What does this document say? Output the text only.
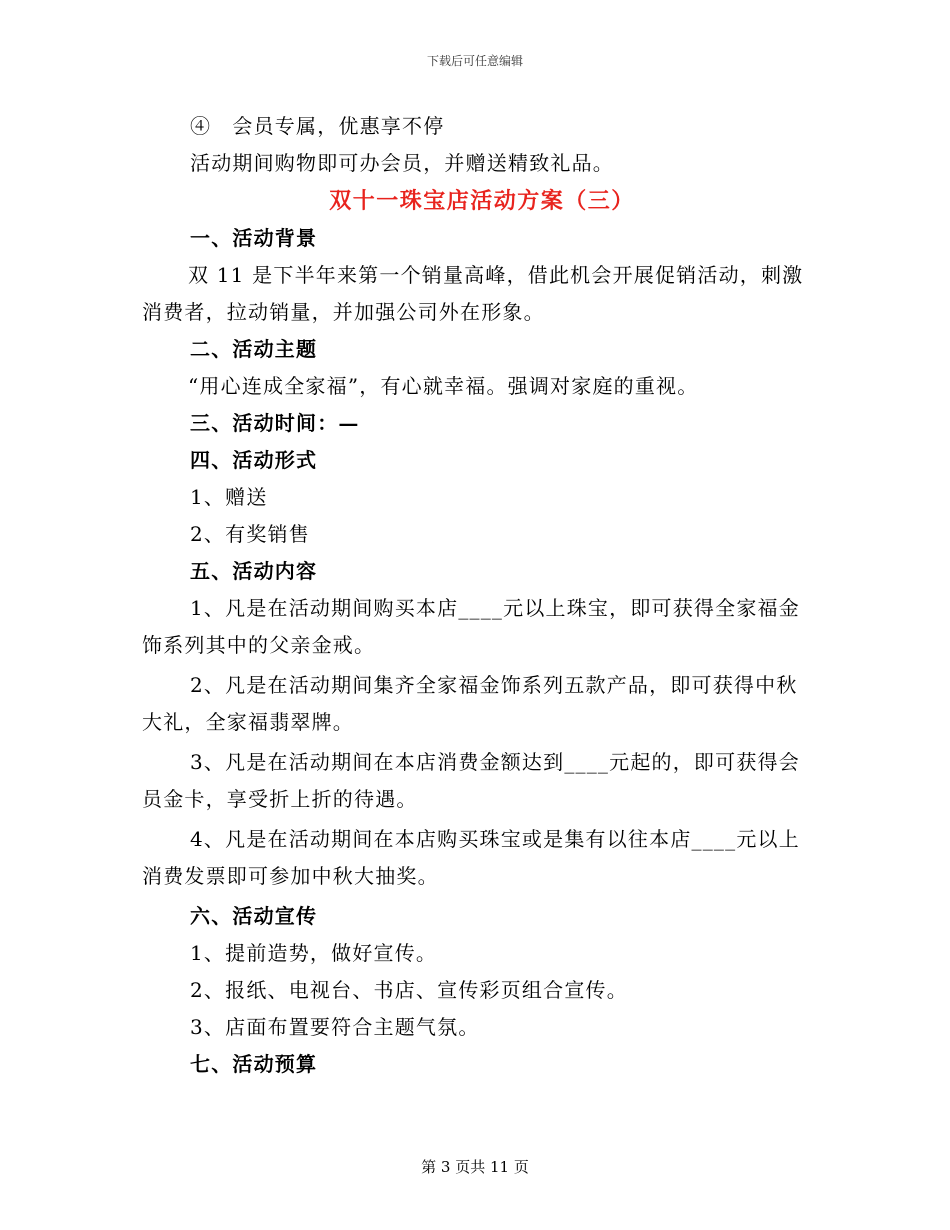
下载后可任意编辑
④　会员专属，优惠享不停
活动期间购物即可办会员，并赠送精致礼品。
双十一珠宝店活动方案（三）
一、活动背景
双 11 是下半年来第一个销量高峰，借此机会开展促销活动，刺激
消费者，拉动销量，并加强公司外在形象。
二、活动主题
“用心连成全家福”，有心就幸福。强调对家庭的重视。
三、活动时间：—
四、活动形式
1、赠送
2、有奖销售
五、活动内容
1、凡是在活动期间购买本店____元以上珠宝，即可获得全家福金
饰系列其中的父亲金戒。
2、凡是在活动期间集齐全家福金饰系列五款产品，即可获得中秋
大礼，全家福翡翠牌。
3、凡是在活动期间在本店消费金额达到____元起的，即可获得会
员金卡，享受折上折的待遇。
4、凡是在活动期间在本店购买珠宝或是集有以往本店____元以上
消费发票即可参加中秋大抽奖。
六、活动宣传
1、提前造势，做好宣传。
2、报纸、电视台、书店、宣传彩页组合宣传。
3、店面布置要符合主题气氛。
七、活动预算
第 3 页共 11 页
